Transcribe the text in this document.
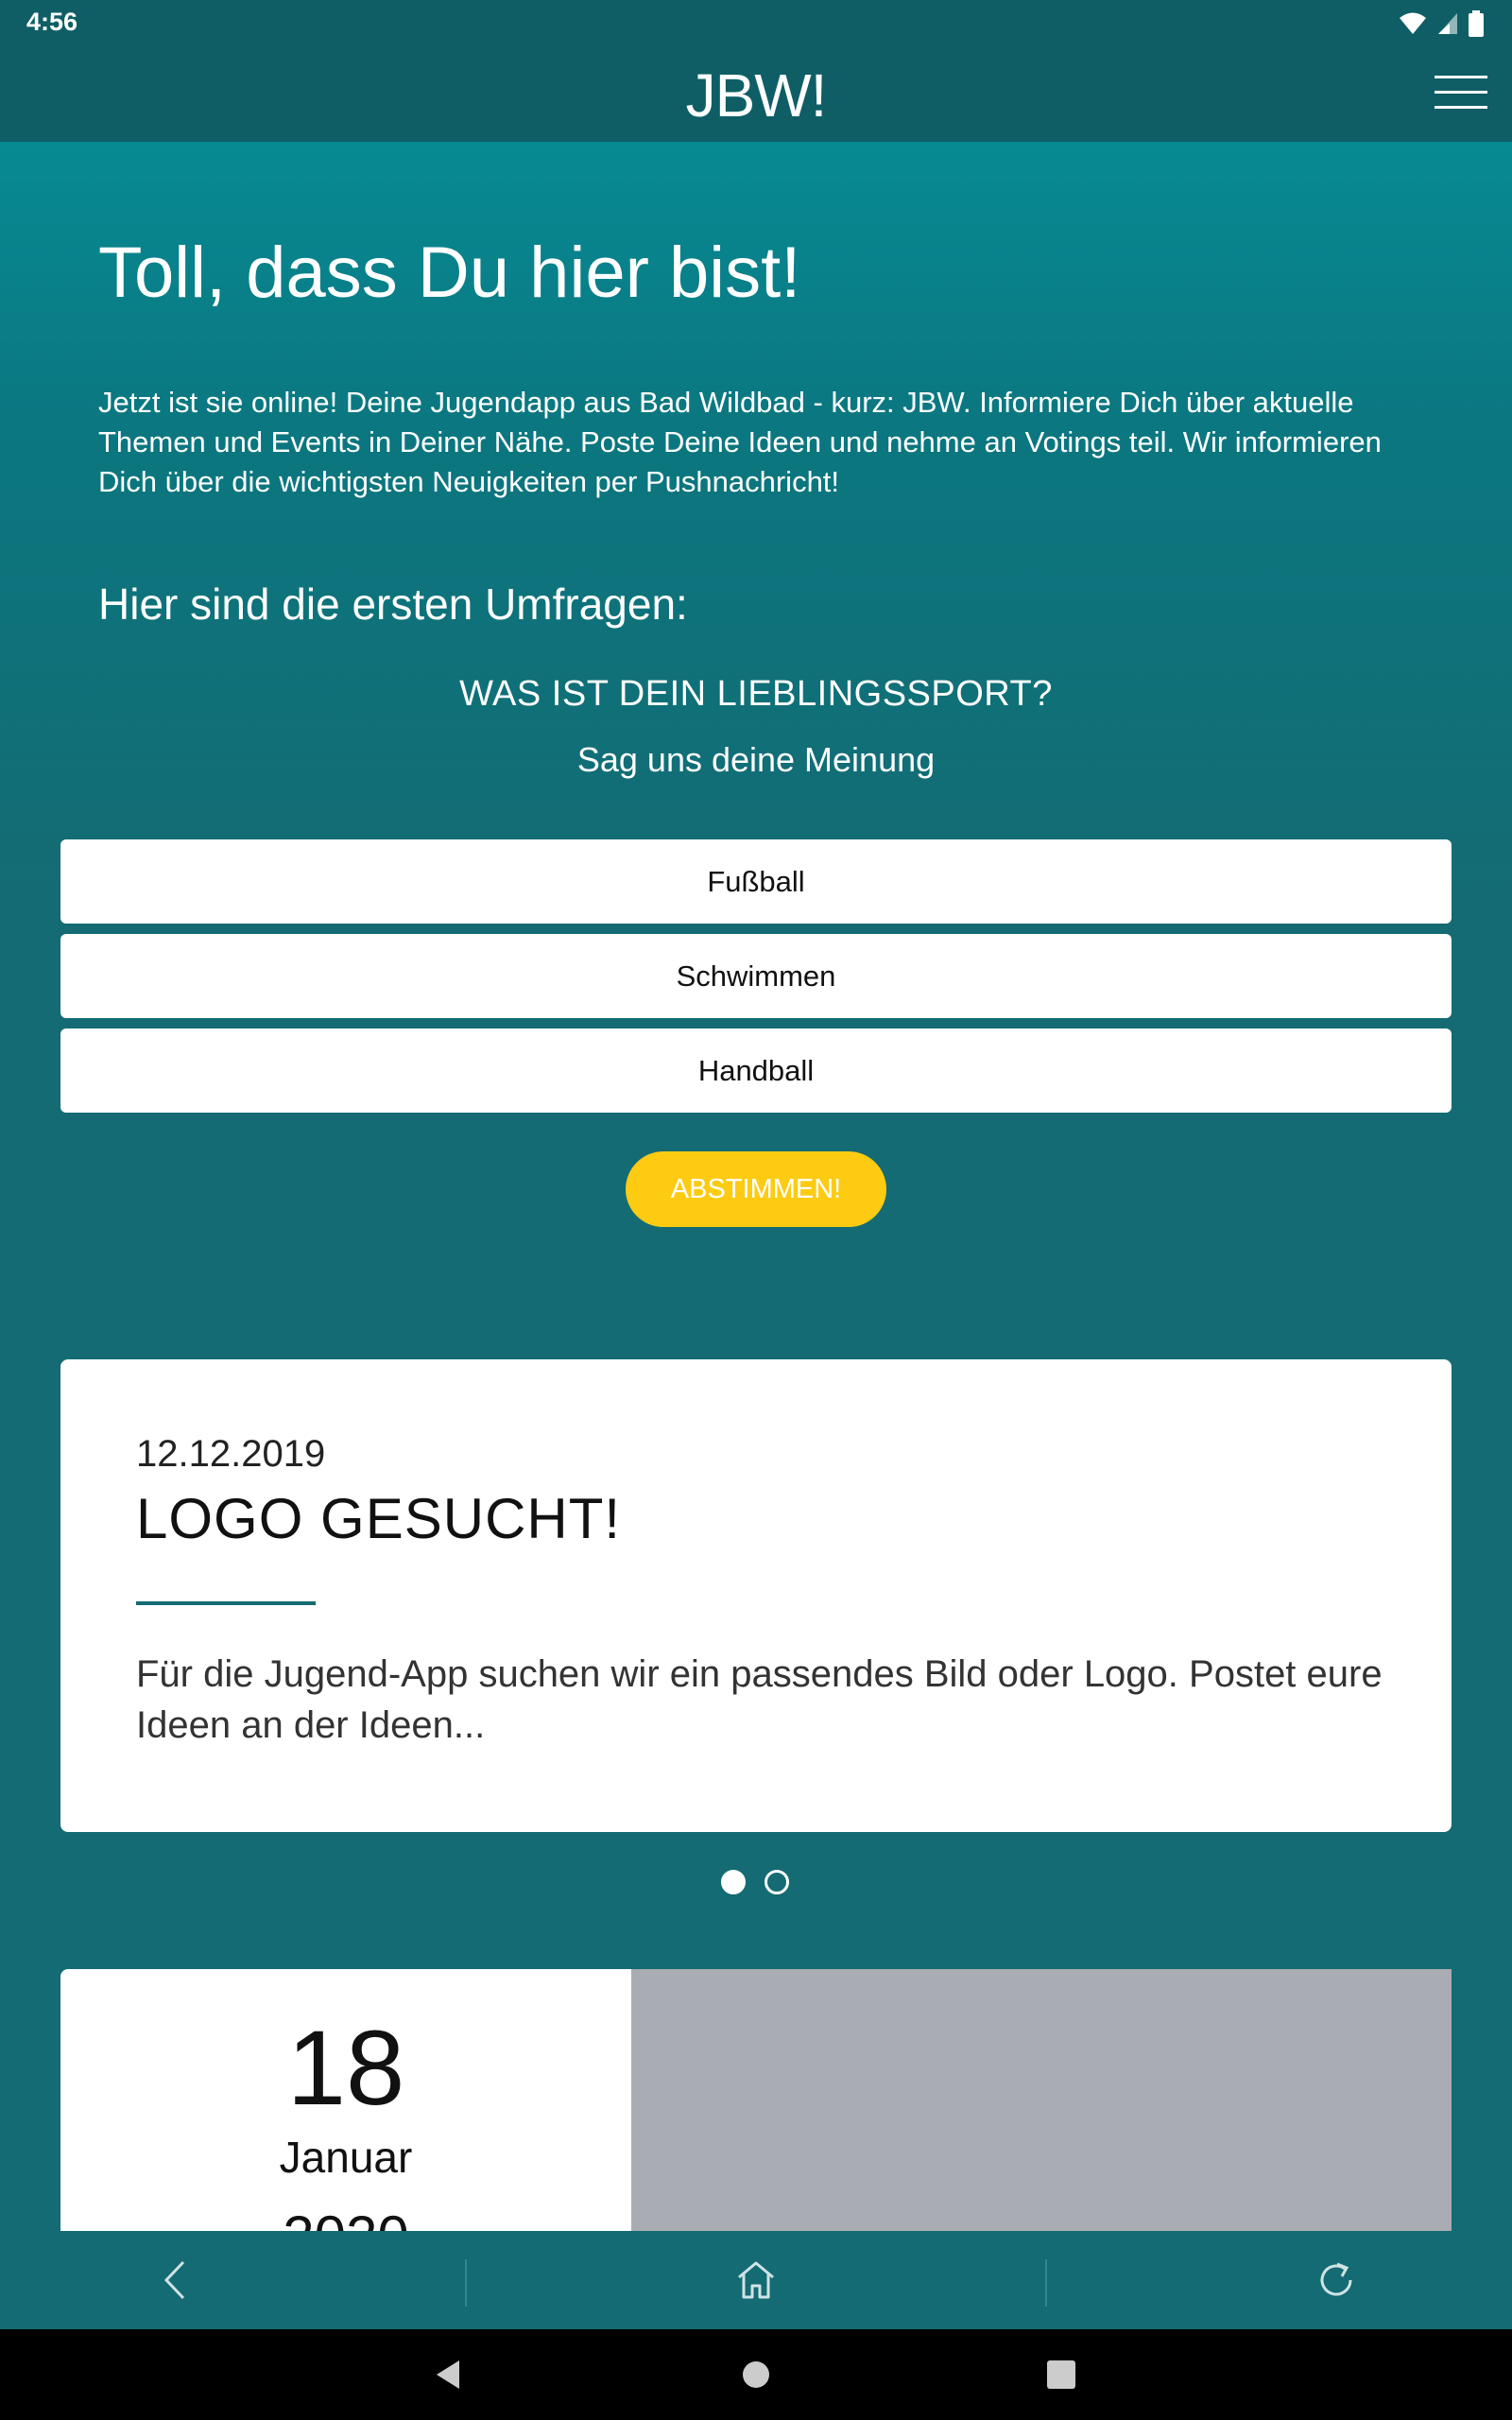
4:56
JBW!
Toll, dass Du hier bist!
Jetzt ist sie online! Deine Jugendapp aus Bad Wildbad - kurz: JBW. Informiere Dich über aktuelle Themen und Events in Deiner Nähe. Poste Deine Ideen und nehme an Votings teil. Wir informieren Dich über die wichtigsten Neuigkeiten per Pushnachricht!
Hier sind die ersten Umfragen:
WAS IST DEIN LIEBLINGSSPORT?
Sag uns deine Meinung
Fußball
Schwimmen
Handball
ABSTIMMEN!
12.12.2019
LOGO GESUCHT!
Für die Jugend-App suchen wir ein passendes Bild oder Logo. Postet eure Ideen an der Ideen...
18
Januar
